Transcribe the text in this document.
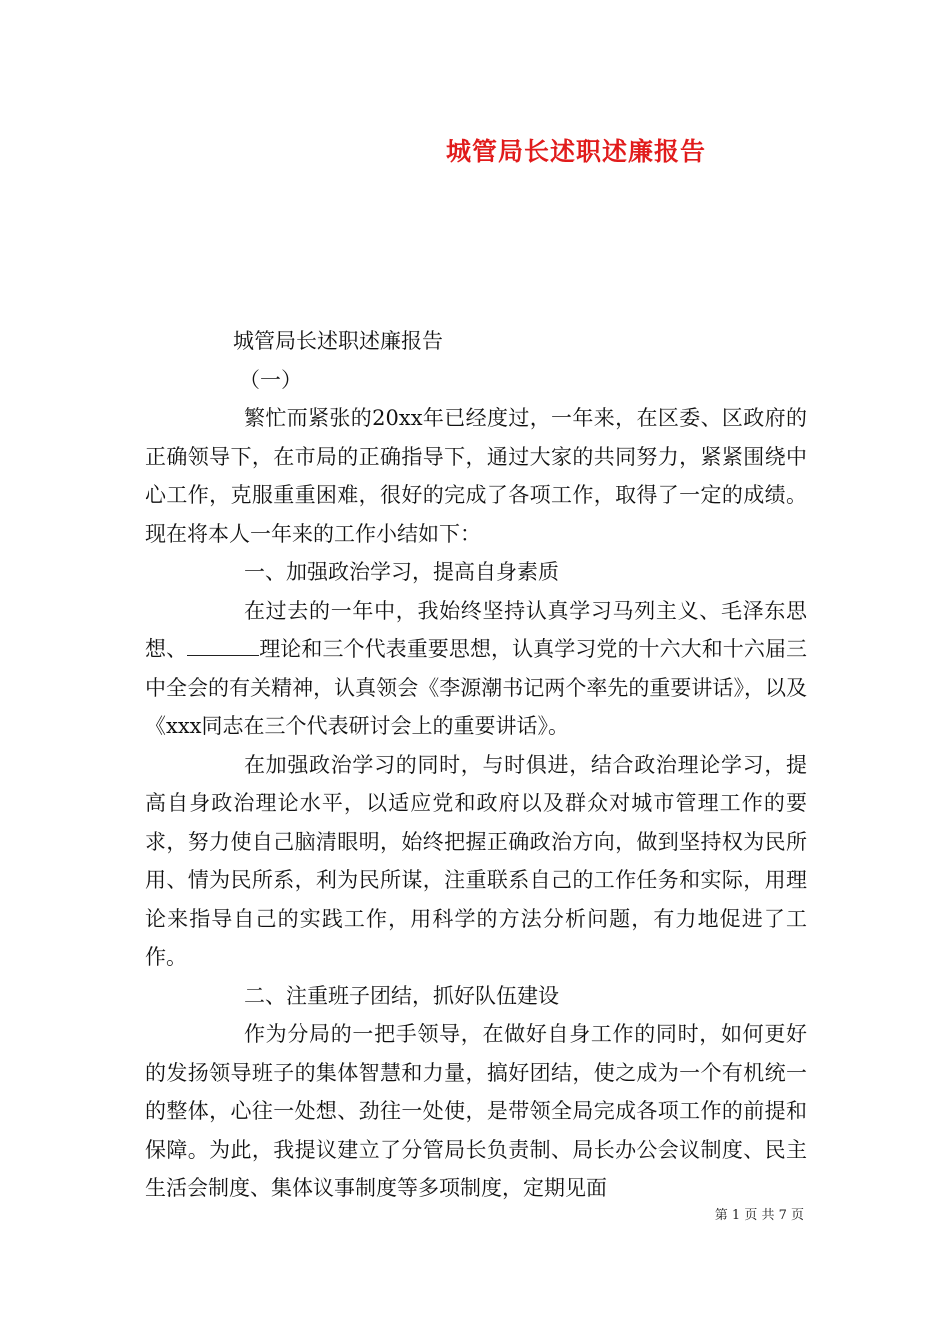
城管局长述职述廉报告

城管局长述职述廉报告

（一）

繁忙而紧张的20xx年已经度过，一年来，在区委、区政府的正确领导下，在市局的正确指导下，通过大家的共同努力，紧紧围绕中心工作，克服重重困难，很好的完成了各项工作，取得了一定的成绩。现在将本人一年来的工作小结如下：

一、加强政治学习，提高自身素质

在过去的一年中，我始终坚持认真学习马列主义、毛泽东思想、	理论和三个代表重要思想，认真学习党的十六大和十六届三中全会的有关精神，认真领会《李源潮书记两个率先的重要讲话》，以及《xxx同志在三个代表研讨会上的重要讲话》。

在加强政治学习的同时，与时俱进，结合政治理论学习，提高自身政治理论水平，以适应党和政府以及群众对城市管理工作的要求，努力使自己脑清眼明，始终把握正确政治方向，做到坚持权为民所用、情为民所系，利为民所谋，注重联系自己的工作任务和实际，用理论来指导自己的实践工作，用科学的方法分析问题，有力地促进了工作。

二、注重班子团结，抓好队伍建设

作为分局的一把手领导，在做好自身工作的同时，如何更好的发扬领导班子的集体智慧和力量，搞好团结，使之成为一个有机统一的整体，心往一处想、劲往一处使，是带领全局完成各项工作的前提和保障。为此，我提议建立了分管局长负责制、局长办公会议制度、民主生活会制度、集体议事制度等多项制度，定期见面

第 1 页 共 7 页
